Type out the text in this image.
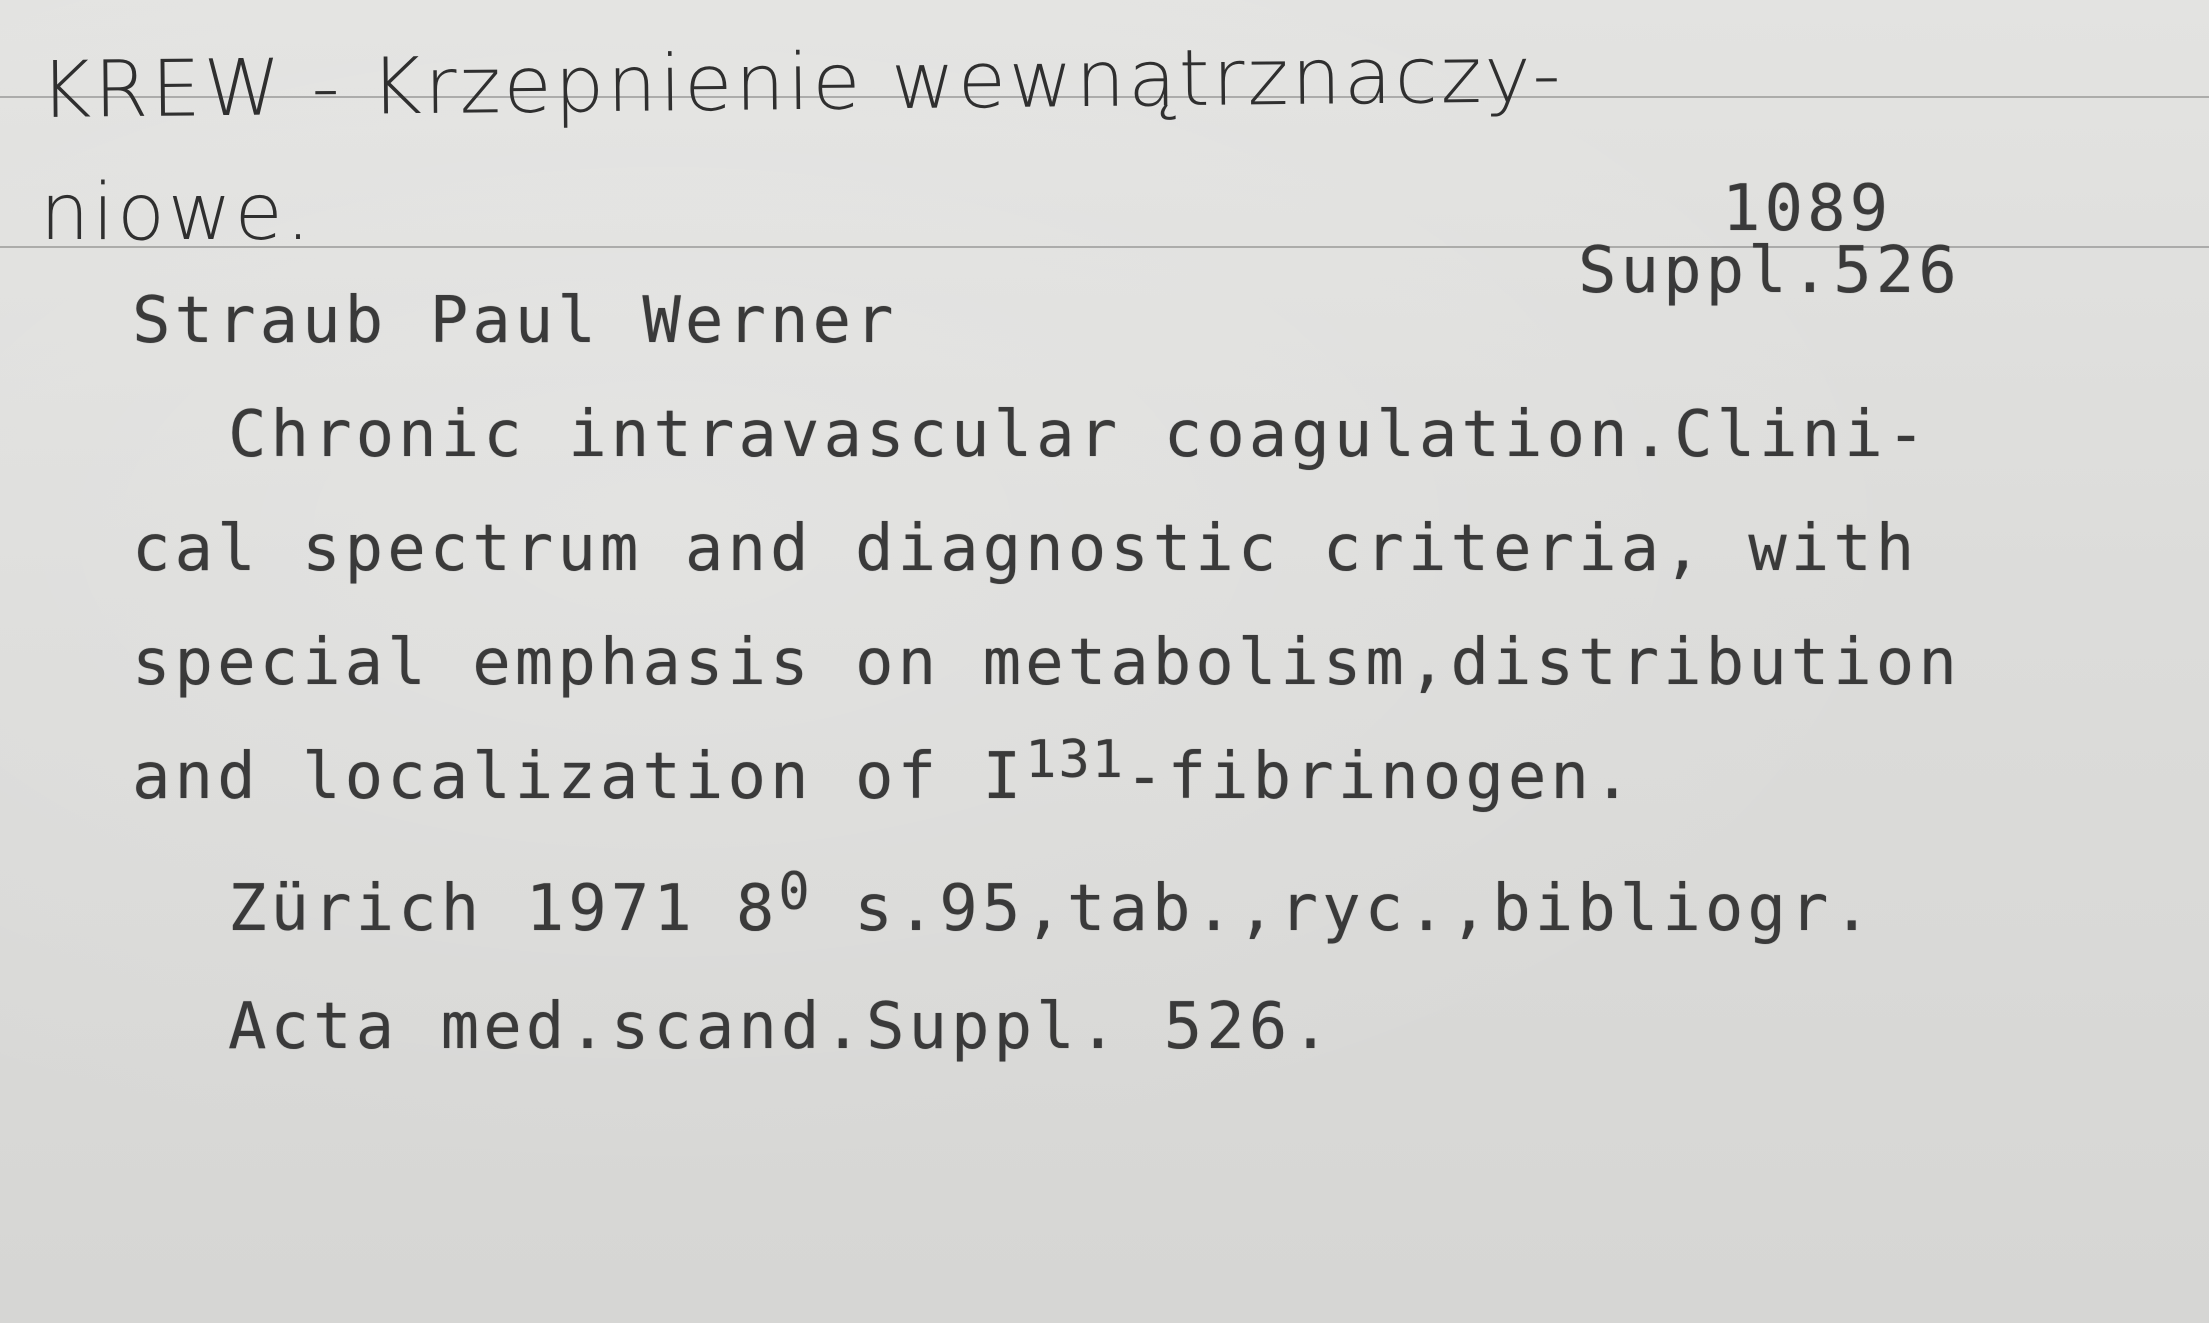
KREW - Krzepnienie wewnątrznaczy-
niowe.	1089
Suppl.526
Straub Paul Werner
Chronic intravascular coagulation.Clini-
cal spectrum and diagnostic criteria, with
special emphasis on metabolism,distribution
and localization of $I^{131}$-fibrinogen.
Zürich 1971 $8^0$ s.95,tab.,ryc.,bibliogr.
Acta med.scand.Suppl. 526.
